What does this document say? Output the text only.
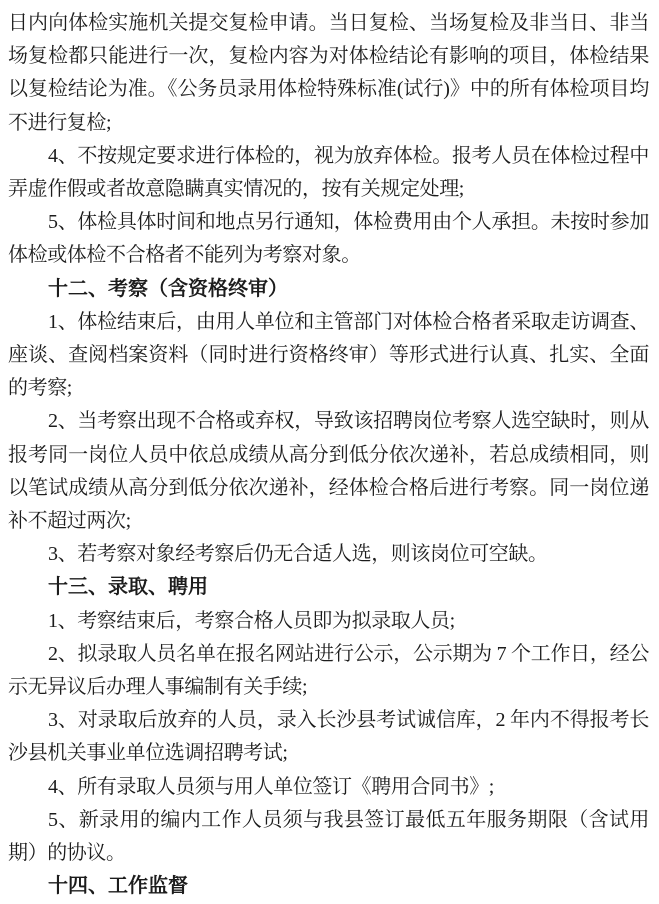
日内向体检实施机关提交复检申请。当日复检、当场复检及非当日、非当场复检都只能进行一次，复检内容为对体检结论有影响的项目，体检结果以复检结论为准。《公务员录用体检特殊标准(试行)》中的所有体检项目均不进行复检;

4、不按规定要求进行体检的，视为放弃体检。报考人员在体检过程中弄虚作假或者故意隐瞒真实情况的，按有关规定处理;

5、体检具体时间和地点另行通知，体检费用由个人承担。未按时参加体检或体检不合格者不能列为考察对象。

十二、考察（含资格终审）

1、体检结束后，由用人单位和主管部门对体检合格者采取走访调查、座谈、查阅档案资料（同时进行资格终审）等形式进行认真、扎实、全面的考察;

2、当考察出现不合格或弃权，导致该招聘岗位考察人选空缺时，则从报考同一岗位人员中依总成绩从高分到低分依次递补，若总成绩相同，则以笔试成绩从高分到低分依次递补，经体检合格后进行考察。同一岗位递补不超过两次;

3、若考察对象经考察后仍无合适人选，则该岗位可空缺。

十三、录取、聘用

1、考察结束后，考察合格人员即为拟录取人员;

2、拟录取人员名单在报名网站进行公示，公示期为 7 个工作日，经公示无异议后办理人事编制有关手续;

3、对录取后放弃的人员，录入长沙县考试诚信库，2 年内不得报考长沙县机关事业单位选调招聘考试;

4、所有录取人员须与用人单位签订《聘用合同书》;

5、新录用的编内工作人员须与我县签订最低五年服务期限（含试用期）的协议。

十四、工作监督
